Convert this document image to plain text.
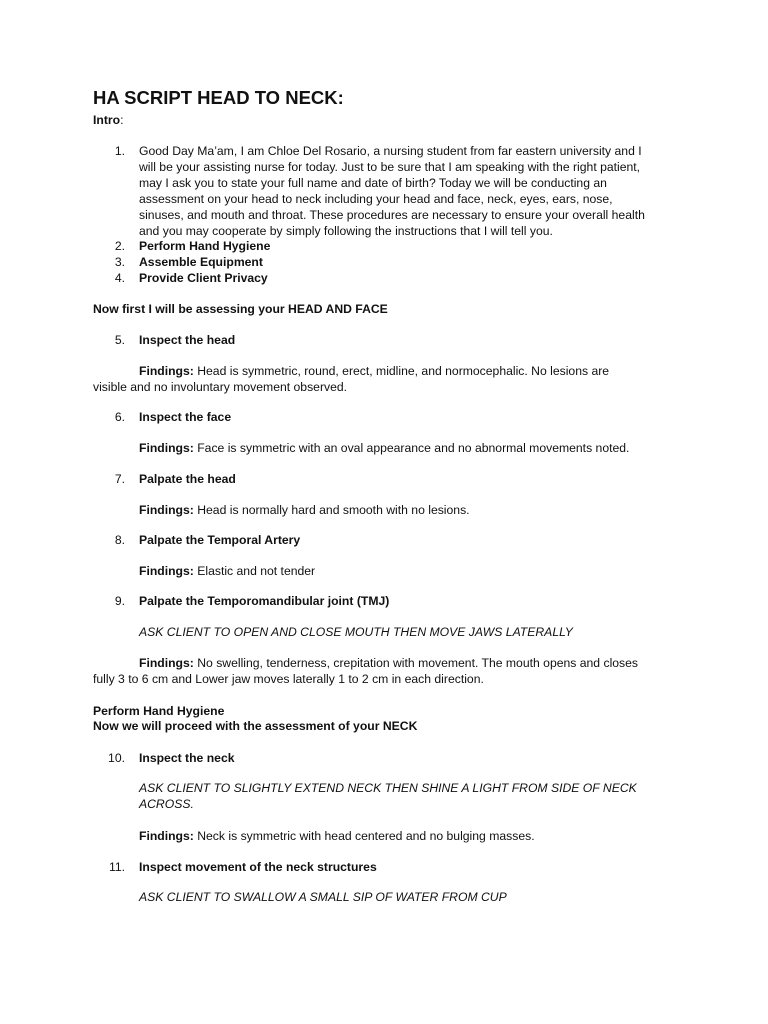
HA SCRIPT HEAD TO NECK:
Intro:
1. Good Day Ma’am, I am Chloe Del Rosario, a nursing student from far eastern university and I
will be your assisting nurse for today. Just to be sure that I am speaking with the right patient,
may I ask you to state your full name and date of birth? Today we will be conducting an
assessment on your head to neck including your head and face, neck, eyes, ears, nose,
sinuses, and mouth and throat. These procedures are necessary to ensure your overall health
and you may cooperate by simply following the instructions that I will tell you.
2. Perform Hand Hygiene
3. Assemble Equipment
4. Provide Client Privacy
Now first I will be assessing your HEAD AND FACE
5. Inspect the head
Findings: Head is symmetric, round, erect, midline, and normocephalic. No lesions are
visible and no involuntary movement observed.
6. Inspect the face
Findings: Face is symmetric with an oval appearance and no abnormal movements noted.
7. Palpate the head
Findings: Head is normally hard and smooth with no lesions.
8. Palpate the Temporal Artery
Findings: Elastic and not tender
9. Palpate the Temporomandibular joint (TMJ)
ASK CLIENT TO OPEN AND CLOSE MOUTH THEN MOVE JAWS LATERALLY
Findings: No swelling, tenderness, crepitation with movement. The mouth opens and closes
fully 3 to 6 cm and Lower jaw moves laterally 1 to 2 cm in each direction.
Perform Hand Hygiene
Now we will proceed with the assessment of your NECK
10. Inspect the neck
ASK CLIENT TO SLIGHTLY EXTEND NECK THEN SHINE A LIGHT FROM SIDE OF NECK
ACROSS.
Findings: Neck is symmetric with head centered and no bulging masses.
11. Inspect movement of the neck structures
ASK CLIENT TO SWALLOW A SMALL SIP OF WATER FROM CUP
